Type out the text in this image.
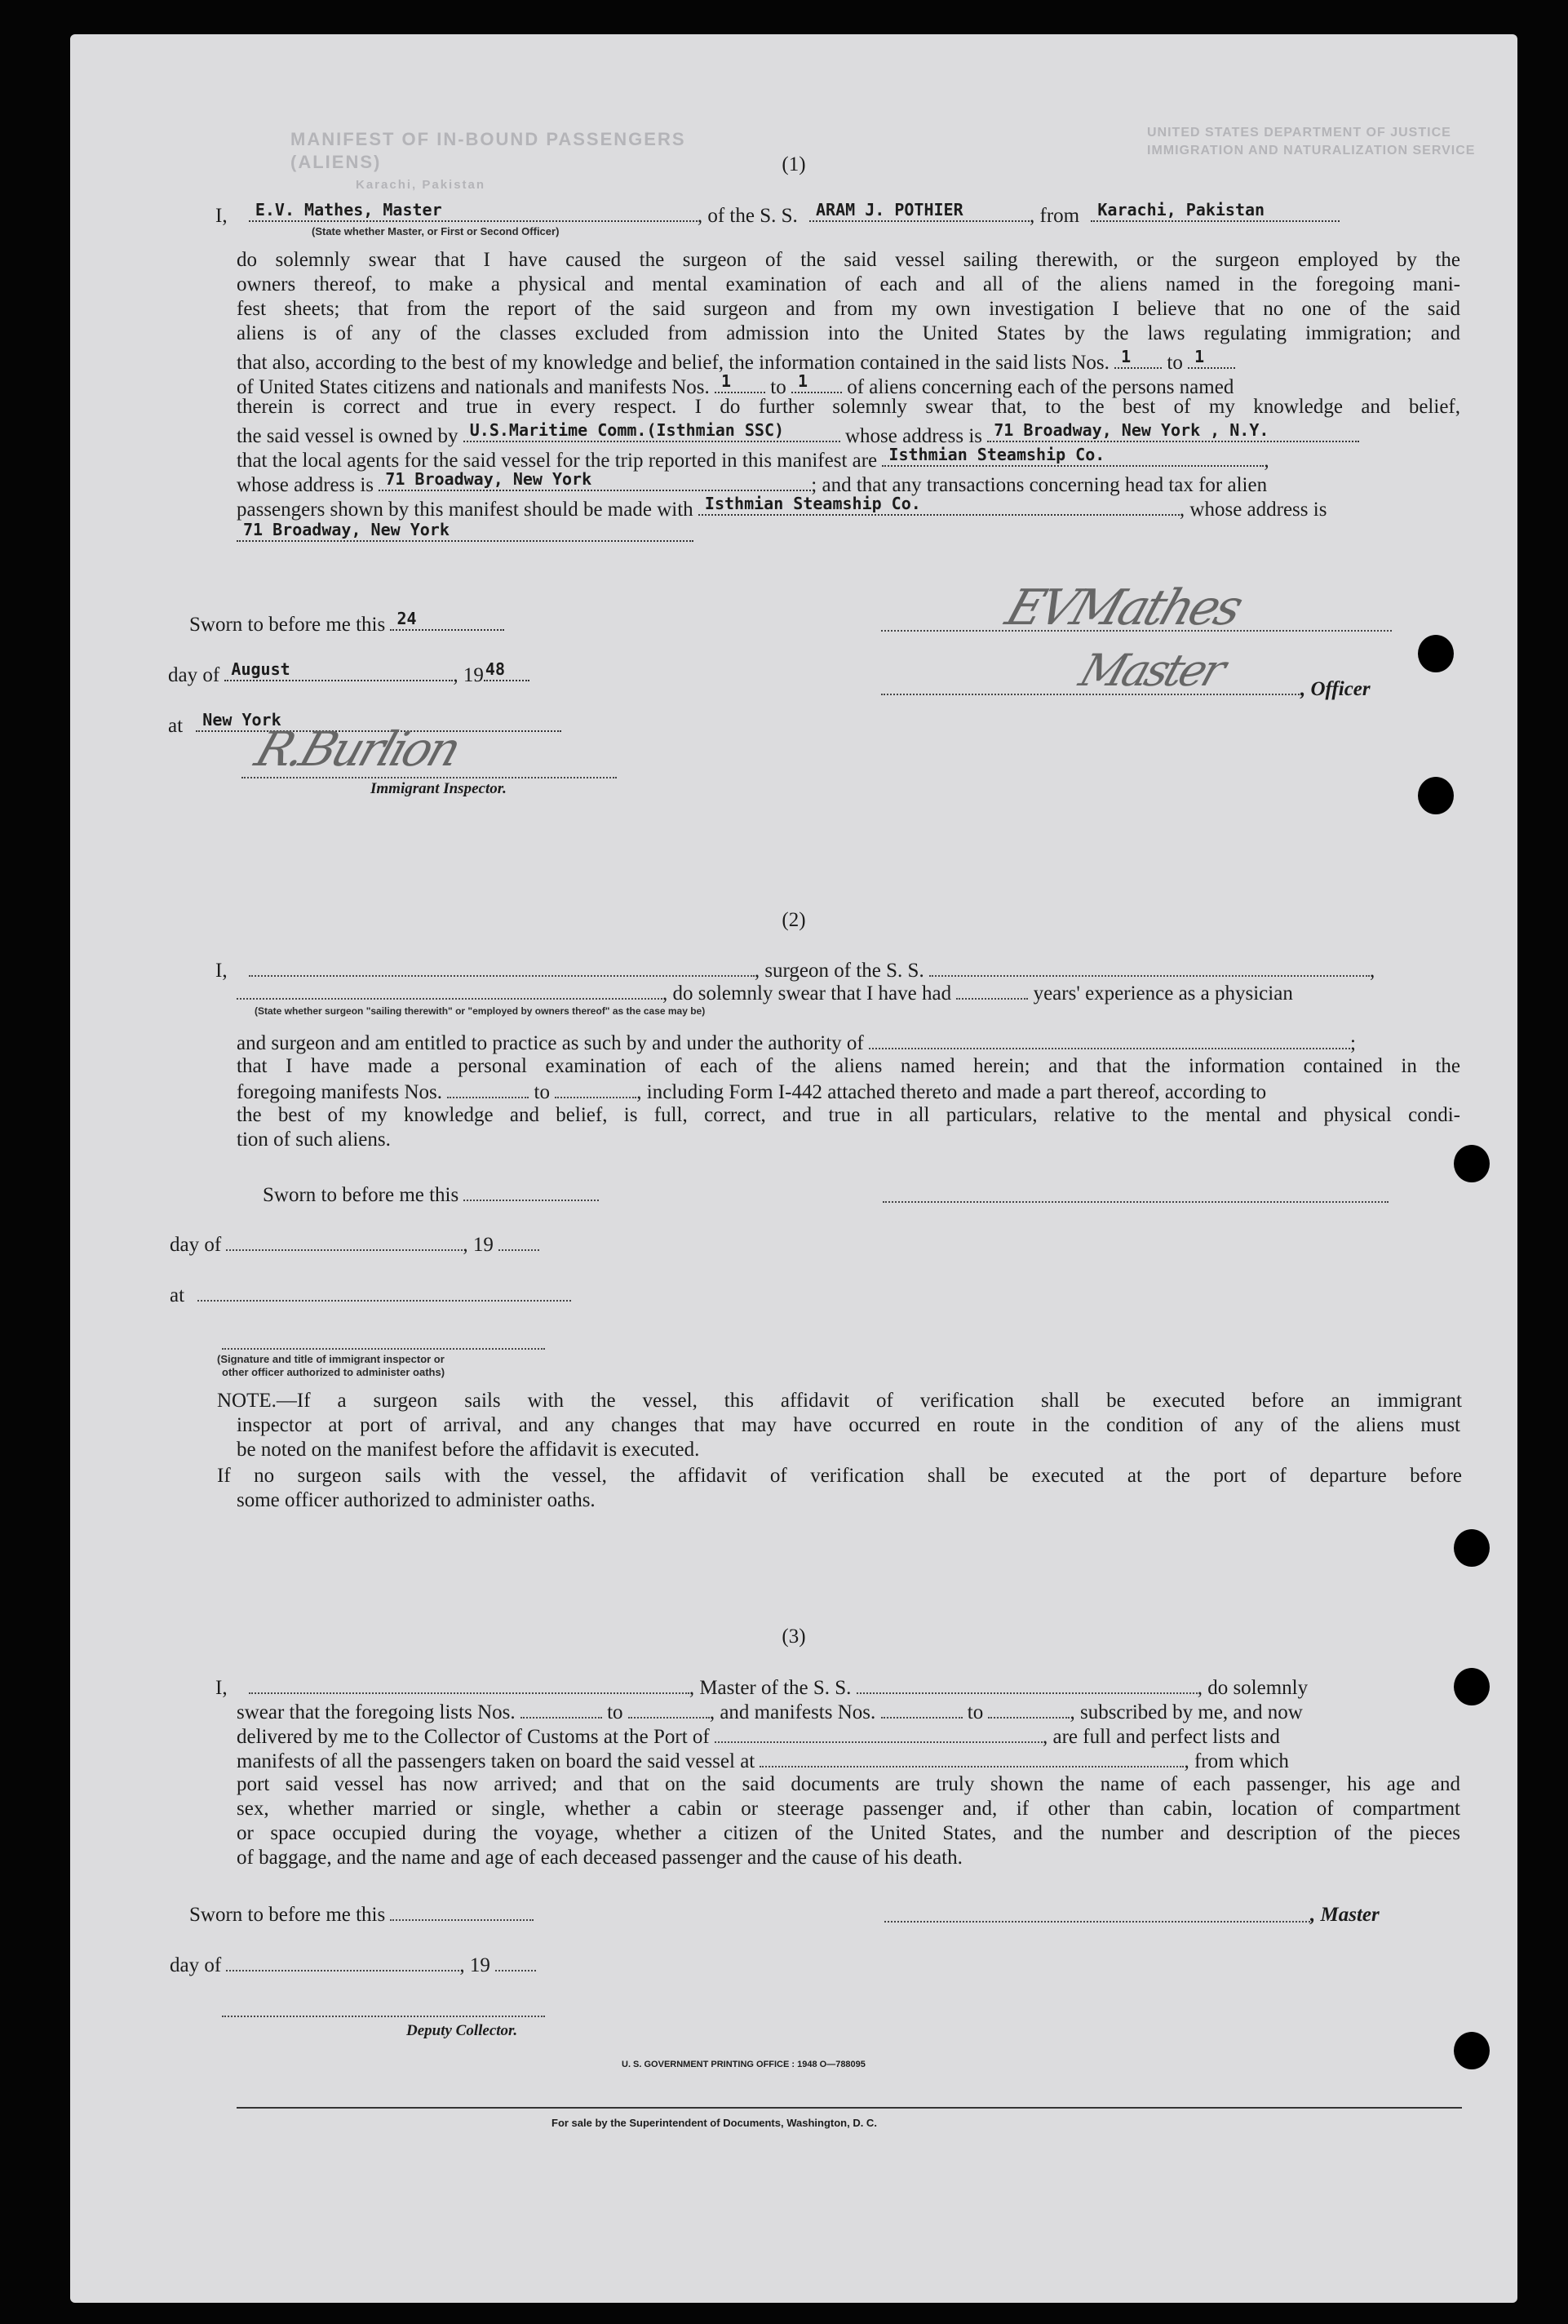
MANIFEST OF IN-BOUND PASSENGERS (ALIENS)
Karachi, Pakistan
UNITED STATES DEPARTMENT OF JUSTICE
IMMIGRATION AND NATURALIZATION SERVICE
(1)
I, E.V. Mathes, Master	, of the S. S. ARAM J. POTHIER	, from Karachi, Pakistan
(State whether Master, or First or Second Officer)
do solemnly swear that I have caused the surgeon of the said vessel sailing therewith, or the surgeon employed by the
owners thereof, to make a physical and mental examination of each and all of the aliens named in the foregoing mani-
fest sheets; that from the report of the said surgeon and from my own investigation I believe that no one of the said
aliens is of any of the classes excluded from admission into the United States by the laws regulating immigration; and
that also, according to the best of my knowledge and belief, the information contained in the said lists Nos. 1 to 1
of United States citizens and nationals and manifests Nos. 1 to 1 of aliens concerning each of the persons named
therein is correct and true in every respect. I do further solemnly swear that, to the best of my knowledge and belief,
the said vessel is owned by U.S.Maritime Comm.(Isthmian SSC)	whose address is 71 Broadway, New York , N.Y.
that the local agents for the said vessel for the trip reported in this manifest are Isthmian Steamship Co.	,
whose address is 71 Broadway, New York	; and that any transactions concerning head tax for alien
passengers shown by this manifest should be made with Isthmian Steamship Co.	, whose address is
71 Broadway, New York
Sworn to before me this 24	EVMathes
day of August	, 19 48	Master	, Officer
at New York
R.Burlion
Immigrant Inspector.
(2)
I,	, surgeon of the S. S.	,
, do solemnly swear that I have had	years' experience as a physician
(State whether surgeon "sailing therewith" or "employed by owners thereof" as the case may be)
and surgeon and am entitled to practice as such by and under the authority of	;
that I have made a personal examination of each of the aliens named herein; and that the information contained in the
foregoing manifests Nos.	to	, including Form I-442 attached thereto and made a part thereof, according to
the best of my knowledge and belief, is full, correct, and true in all particulars, relative to the mental and physical condi-
tion of such aliens.
Sworn to before me this
day of	, 19
at
(Signature and title of immigrant inspector or
other officer authorized to administer oaths)
NOTE.—If a surgeon sails with the vessel, this affidavit of verification shall be executed before an immigrant
inspector at port of arrival, and any changes that may have occurred en route in the condition of any of the aliens must
be noted on the manifest before the affidavit is executed.
If no surgeon sails with the vessel, the affidavit of verification shall be executed at the port of departure before
some officer authorized to administer oaths.
(3)
I,	, Master of the S. S.	, do solemnly
swear that the foregoing lists Nos.	to	, and manifests Nos.	to	, subscribed by me, and now
delivered by me to the Collector of Customs at the Port of	, are full and perfect lists and
manifests of all the passengers taken on board the said vessel at	, from which
port said vessel has now arrived; and that on the said documents are truly shown the name of each passenger, his age and
sex, whether married or single, whether a cabin or steerage passenger and, if other than cabin, location of compartment
or space occupied during the voyage, whether a citizen of the United States, and the number and description of the pieces
of baggage, and the name and age of each deceased passenger and the cause of his death.
Sworn to before me this	, Master
day of	, 19
Deputy Collector.
U. S. GOVERNMENT PRINTING OFFICE : 1948 O—788095
For sale by the Superintendent of Documents, Washington, D. C.
